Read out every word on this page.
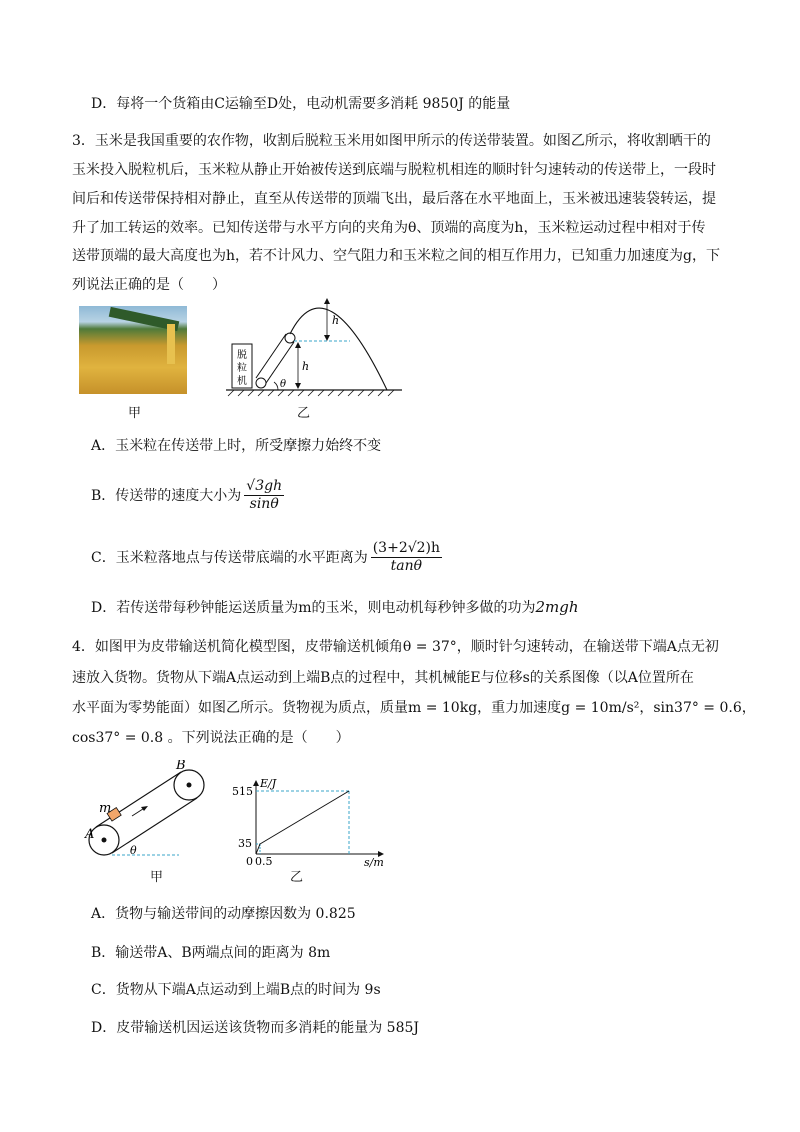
D．每将一个货箱由C运输至D处，电动机需要多消耗 9850J 的能量
3．玉米是我国重要的农作物，收割后脱粒玉米用如图甲所示的传送带装置。如图乙所示，将收割晒干的
玉米投入脱粒机后，玉米粒从静止开始被传送到底端与脱粒机相连的顺时针匀速转动的传送带上，一段时
间后和传送带保持相对静止，直至从传送带的顶端飞出，最后落在水平地面上，玉米被迅速装袋转运，提
升了加工转运的效率。已知传送带与水平方向的夹角为θ、顶端的高度为h，玉米粒运动过程中相对于传
送带顶端的最大高度也为h，若不计风力、空气阻力和玉米粒之间的相互作用力，已知重力加速度为g，下
列说法正确的是（　　）
甲
脱
粒
机	θ
h
h
乙
A．玉米粒在传送带上时，所受摩擦力始终不变
B．传送带的速度大小为 $\frac{√3gh}{\sin\theta}$
C．玉米粒落地点与传送带底端的水平距离为 $\frac{(3+2√2)h}{\tan\theta}$
D．若传送带每秒钟能运送质量为m的玉米，则电动机每秒钟多做的功为2mgh
4．如图甲为皮带输送机简化模型图，皮带输送机倾角θ = 37°，顺时针匀速转动，在输送带下端A点无初
速放入货物。货物从下端A点运动到上端B点的过程中，其机械能E与位移s的关系图像（以A位置所在
水平面为零势能面）如图乙所示。货物视为质点，质量m = 10kg，重力加速度g = 10m/s²，sin37° = 0.6，
cos37° = 0.8 。下列说法正确的是（　　）
θ
A
B
m
甲
E/J
515
35
0 0.5	s/m
乙
A．货物与输送带间的动摩擦因数为 0.825
B．输送带A、B两端点间的距离为 8m
C．货物从下端A点运动到上端B点的时间为 9s
D．皮带输送机因运送该货物而多消耗的能量为 585J
